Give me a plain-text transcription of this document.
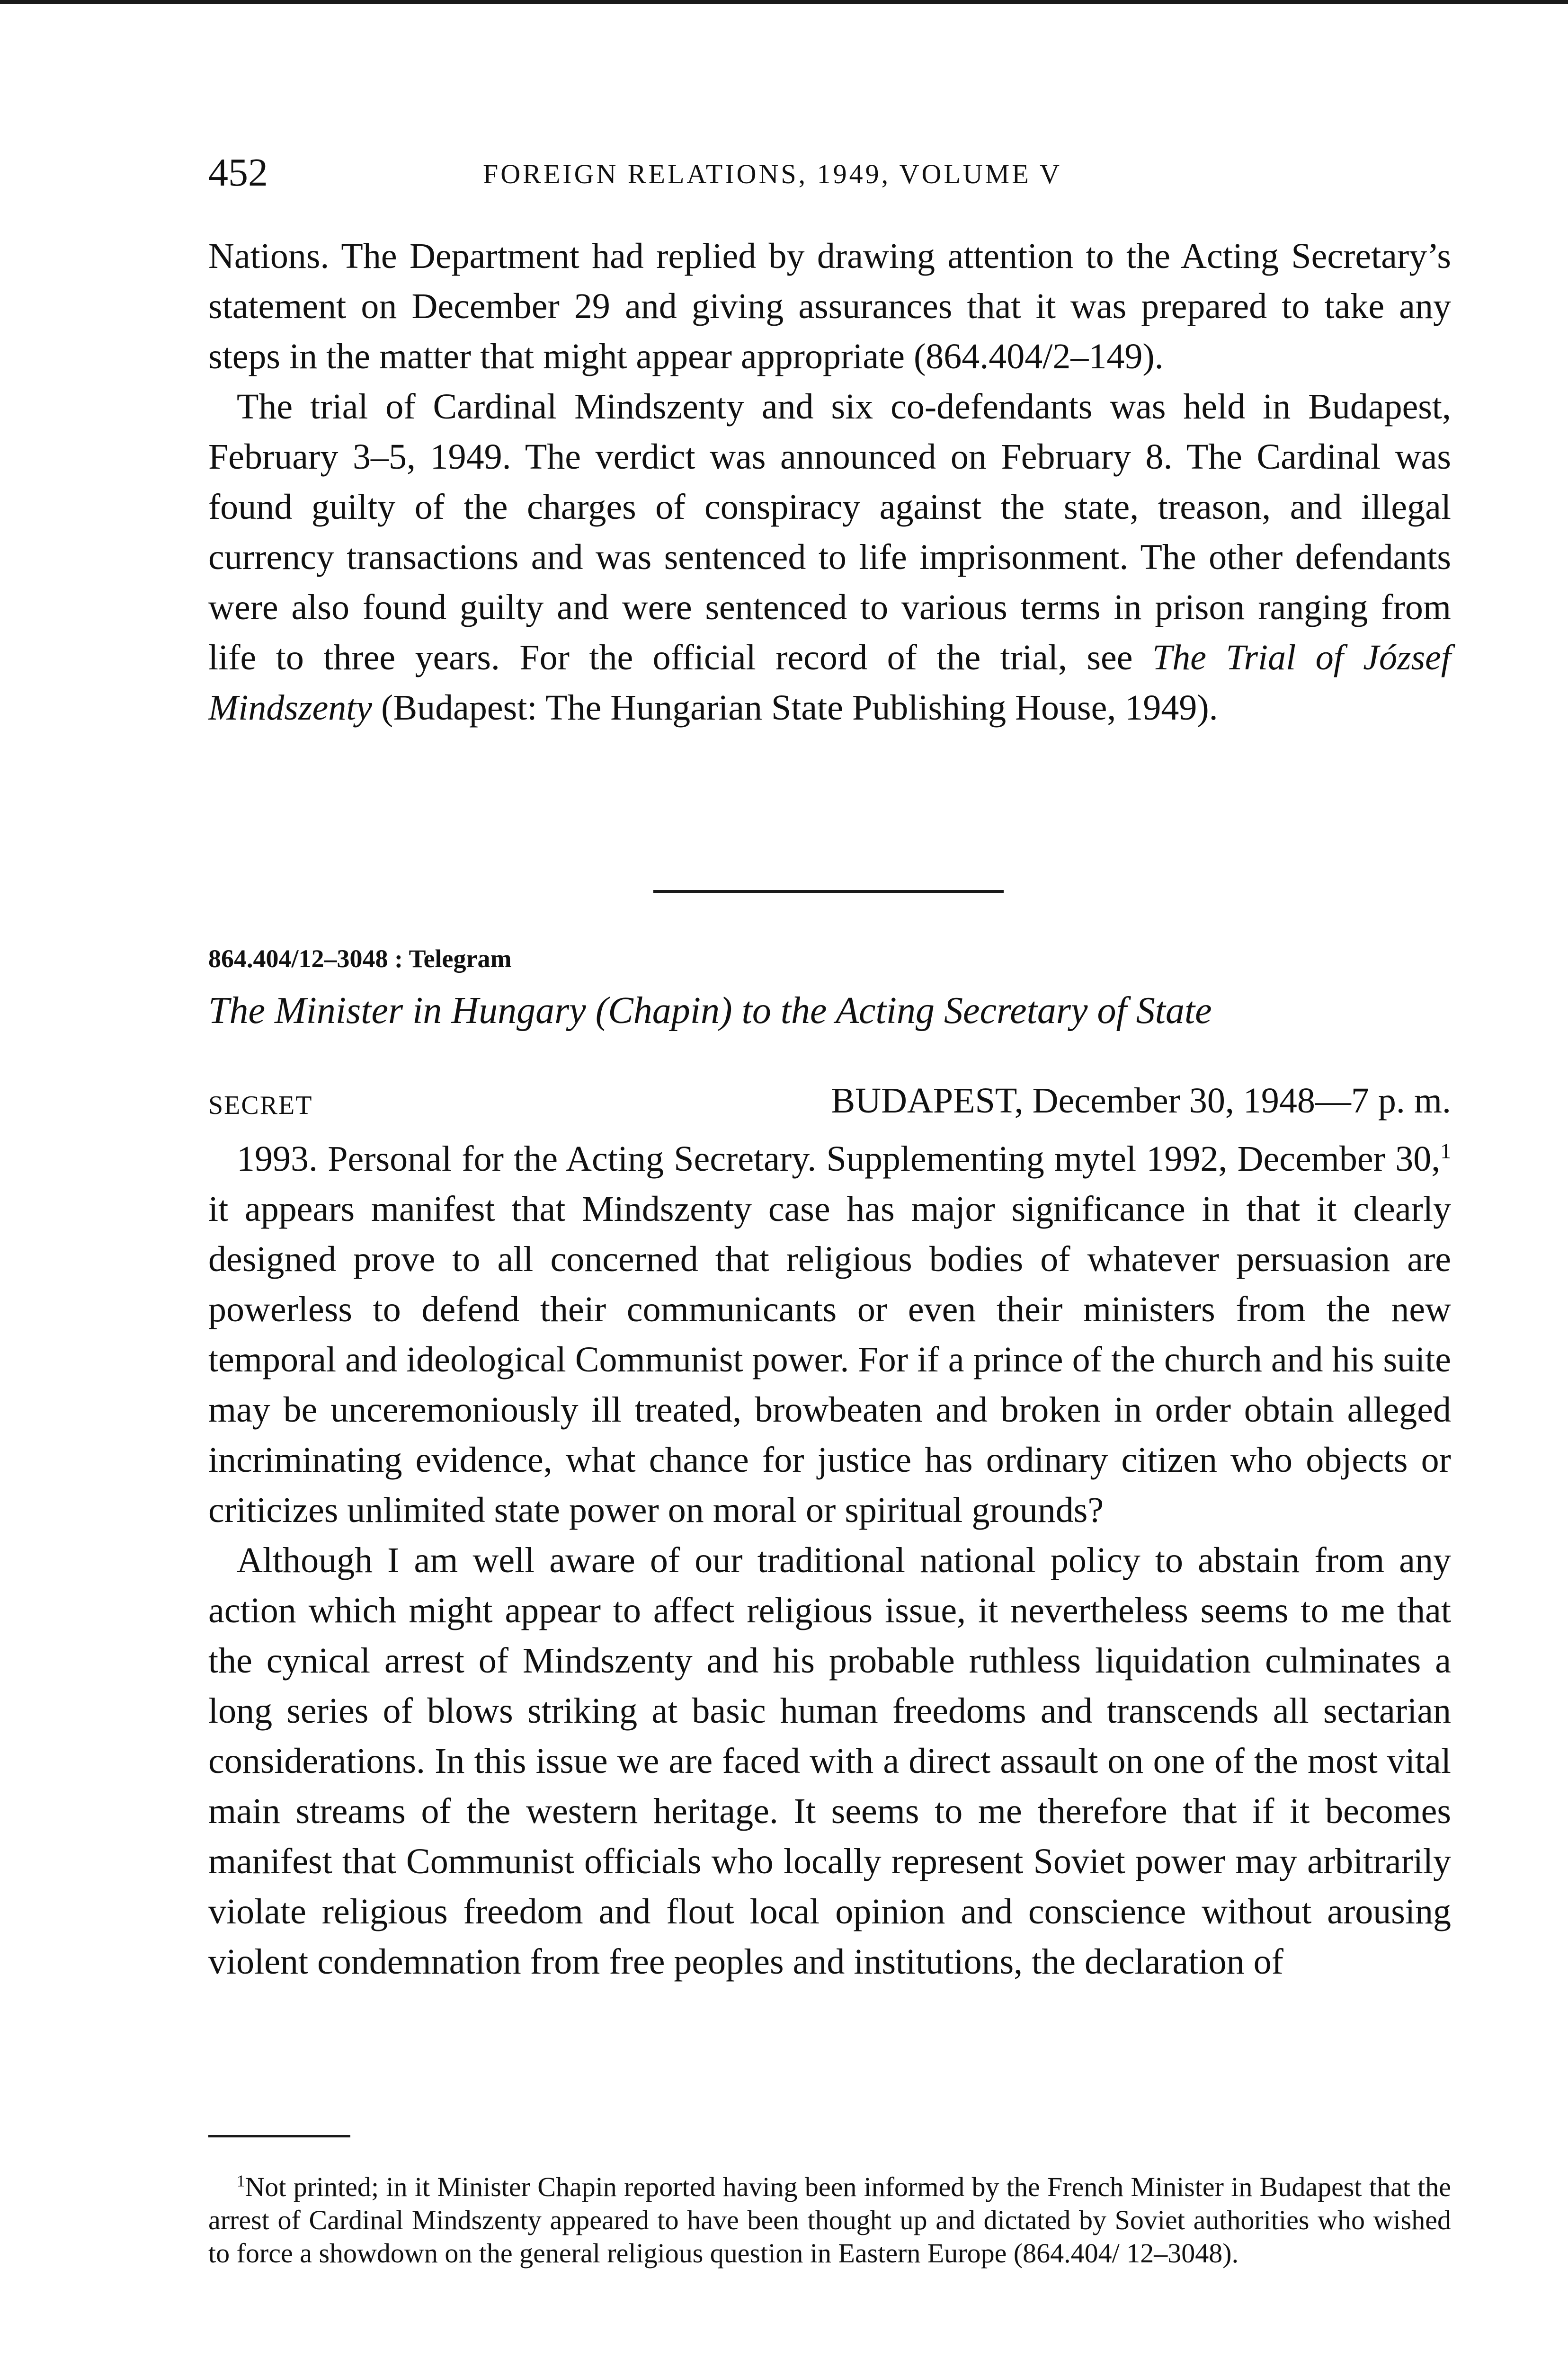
452	FOREIGN RELATIONS, 1949, VOLUME V

Nations. The Department had replied by drawing attention to the Acting Secretary’s statement on December 29 and giving assurances that it was prepared to take any steps in the matter that might appear appropriate (864.404/2–149).

The trial of Cardinal Mindszenty and six co-defendants was held in Budapest, February 3–5, 1949. The verdict was announced on February 8. The Cardinal was found guilty of the charges of conspiracy against the state, treason, and illegal currency transactions and was sentenced to life imprisonment. The other defendants were also found guilty and were sentenced to various terms in prison ranging from life to three years. For the official record of the trial, see The Trial of József Mindszenty (Budapest: The Hungarian State Publishing House, 1949).

864.404/12–3048 : Telegram
The Minister in Hungary (Chapin) to the Acting Secretary of State
SECRET	BUDAPEST, December 30, 1948—7 p. m.

1993. Personal for the Acting Secretary. Supplementing mytel 1992, December 30,$^1$ it appears manifest that Mindszenty case has major significance in that it clearly designed prove to all concerned that religious bodies of whatever persuasion are powerless to defend their communicants or even their ministers from the new temporal and ideological Communist power. For if a prince of the church and his suite may be unceremoniously ill treated, browbeaten and broken in order obtain alleged incriminating evidence, what chance for justice has ordinary citizen who objects or criticizes unlimited state power on moral or spiritual grounds?

Although I am well aware of our traditional national policy to abstain from any action which might appear to affect religious issue, it nevertheless seems to me that the cynical arrest of Mindszenty and his probable ruthless liquidation culminates a long series of blows striking at basic human freedoms and transcends all sectarian considerations. In this issue we are faced with a direct assault on one of the most vital main streams of the western heritage. It seems to me therefore that if it becomes manifest that Communist officials who locally represent Soviet power may arbitrarily violate religious freedom and flout local opinion and conscience without arousing violent condemnation from free peoples and institutions, the declaration of

$^1$Not printed; in it Minister Chapin reported having been informed by the French Minister in Budapest that the arrest of Cardinal Mindszenty appeared to have been thought up and dictated by Soviet authorities who wished to force a showdown on the general religious question in Eastern Europe (864.404/ 12–3048).
